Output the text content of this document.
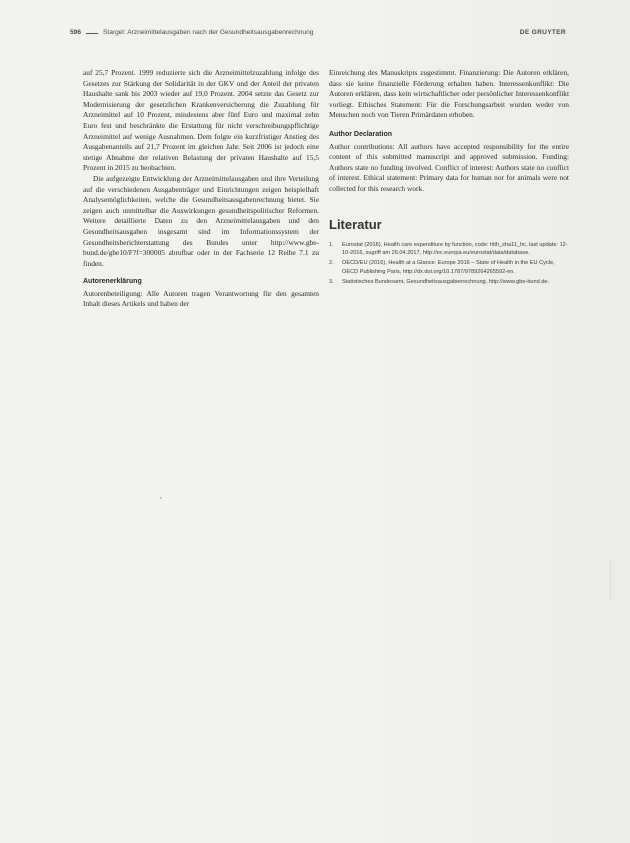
596	Stargel: Arzneimittelausgaben nach der Gesundheitsausgabenrechnung	DE GRUYTER

auf 25,7 Prozent. 1999 reduzierte sich die Arzneimittelzuzahlung infolge des Gesetzes zur Stärkung der Solidarität in der GKV und der Anteil der privaten Haushalte sank bis 2003 wieder auf 19,0 Prozent. 2004 setzte das Gesetz zur Modernisierung der gesetzlichen Krankenversicherung die Zuzahlung für Arzneimittel auf 10 Prozent, mindestens aber fünf Euro und maximal zehn Euro fest und beschränkte die Erstattung für nicht verschreibungspflichtige Arzneimittel auf wenige Ausnahmen. Dem folgte ein kurzfristiger Anstieg des Ausgabenanteils auf 21,7 Prozent im gleichen Jahr. Seit 2006 ist jedoch eine stetige Abnahme der relativen Belastung der privaten Haushalte auf 15,5 Prozent in 2015 zu beobachten.

Die aufgezeigte Entwicklung der Arzneimittelausgaben und ihre Verteilung auf die verschiedenen Ausgabenträger und Einrichtungen zeigen beispielhaft Analysemöglichkeiten, welche die Gesundheitsausgabenrechnung bietet. Sie zeigen auch unmittelbar die Auswirkungen gesundheitspolitischer Reformen. Weitere detaillierte Daten zu den Arzneimittelausgaben und den Gesundheitsausgaben insgesamt sind im Informationssystem der Gesundheitsberichterstattung des Bundes unter http://www.gbe-bund.de/gbe10/F?f=300005 abrufbar oder in der Fachserie 12 Reihe 7.1 zu finden.

Autorenerklärung

Autorenbeteiligung: Alle Autoren tragen Verantwortung für den gesamten Inhalt dieses Artikels und haben der

Einreichung des Manuskripts zugestimmt. Finanzierung: Die Autoren erklären, dass sie keine finanzielle Förderung erhalten haben. Interessenkonflikt: Die Autoren erklären, dass kein wirtschaftlicher oder persönlicher Interessenkonflikt vorliegt. Ethisches Statement: Für die Forschungsarbeit wurden weder von Menschen noch von Tieren Primärdaten erhoben.

Author Declaration

Author contributions: All authors have accepted responsibility for the entire content of this submitted manuscript and approved submission. Funding: Authors state no funding involved. Conflict of interest: Authors state no conflict of interest. Ethical statement: Primary data for human nor for animals were not collected for this research work.

Literatur
1. Eurostat (2016), Health care expenditure by function, code: hlth_sha11_hc, last update: 12-10-2016, zugriff am 26.04.2017, http://ec.europa.eu/eurostat/data/database.
2. OECD/EU (2016), Health at a Glance: Europe 2016 – State of Health in the EU Cycle, OECD Publishing Paris, http://dx.doi.org/10.1787/9789264265592-en.
3. Statistisches Bundesamt, Gesundheitsausgabenrechnung, http://www.gbe-bund.de.
